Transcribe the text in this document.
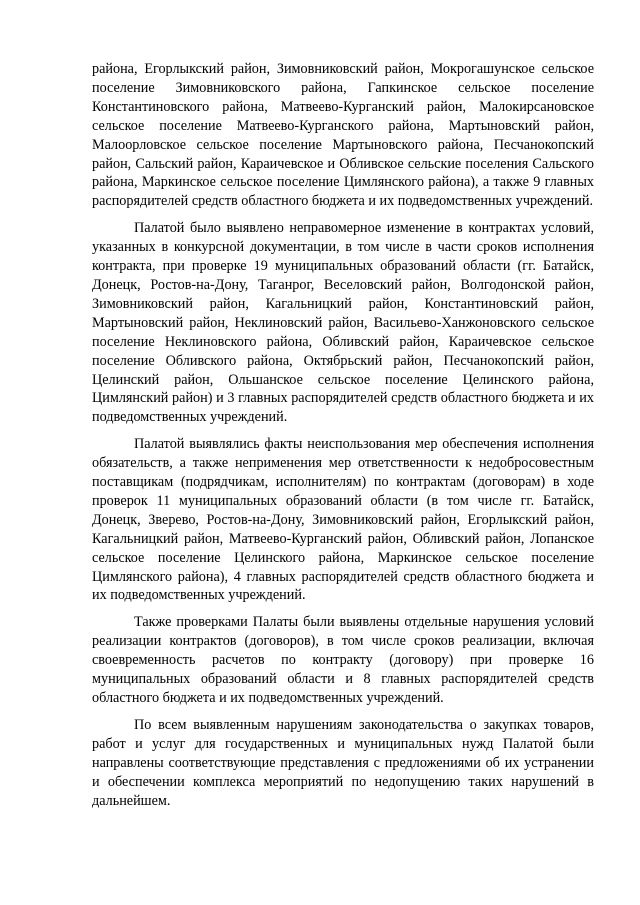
района, Егорлыкский район, Зимовниковский район, Мокрогашунское сельское поселение Зимовниковского района, Гапкинское сельское поселение Константиновского района, Матвеево-Курганский район, Малокирсановское сельское поселение Матвеево-Курганского района, Мартыновский район, Малоорловское сельское поселение Мартыновского района, Песчанокопский район, Сальский район, Караичевское и Обливское сельские поселения Сальского района, Маркинское сельское поселение Цимлянского района), а также 9 главных распорядителей средств областного бюджета и их подведомственных учреждений.

Палатой было выявлено неправомерное изменение в контрактах условий, указанных в конкурсной документации, в том числе в части сроков исполнения контракта, при проверке 19 муниципальных образований области (гг. Батайск, Донецк, Ростов-на-Дону, Таганрог, Веселовский район, Волгодонской район, Зимовниковский район, Кагальницкий район, Константиновский район, Мартыновский район, Неклиновский район, Васильево-Ханжоновского сельское поселение Неклиновского района, Обливский район, Караичевское сельское поселение Обливского района, Октябрьский район, Песчанокопский район, Целинский район, Ольшанское сельское поселение Целинского района, Цимлянский район) и 3 главных распорядителей средств областного бюджета и их подведомственных учреждений.

Палатой выявлялись факты неиспользования мер обеспечения исполнения обязательств, а также неприменения мер ответственности к недобросовестным поставщикам (подрядчикам, исполнителям) по контрактам (договорам) в ходе проверок 11 муниципальных образований области (в том числе гг. Батайск, Донецк, Зверево, Ростов-на-Дону, Зимовниковский район, Егорлыкский район, Кагальницкий район, Матвеево-Курганский район, Обливский район, Лопанское сельское поселение Целинского района, Маркинское сельское поселение Цимлянского района), 4 главных распорядителей средств областного бюджета и их подведомственных учреждений.

Также проверками Палаты были выявлены отдельные нарушения условий реализации контрактов (договоров), в том числе сроков реализации, включая своевременность расчетов по контракту (договору) при проверке 16 муниципальных образований области и 8 главных распорядителей средств областного бюджета и их подведомственных учреждений.

По всем выявленным нарушениям законодательства о закупках товаров, работ и услуг для государственных и муниципальных нужд Палатой были направлены соответствующие представления с предложениями об их устранении и обеспечении комплекса мероприятий по недопущению таких нарушений в дальнейшем.
